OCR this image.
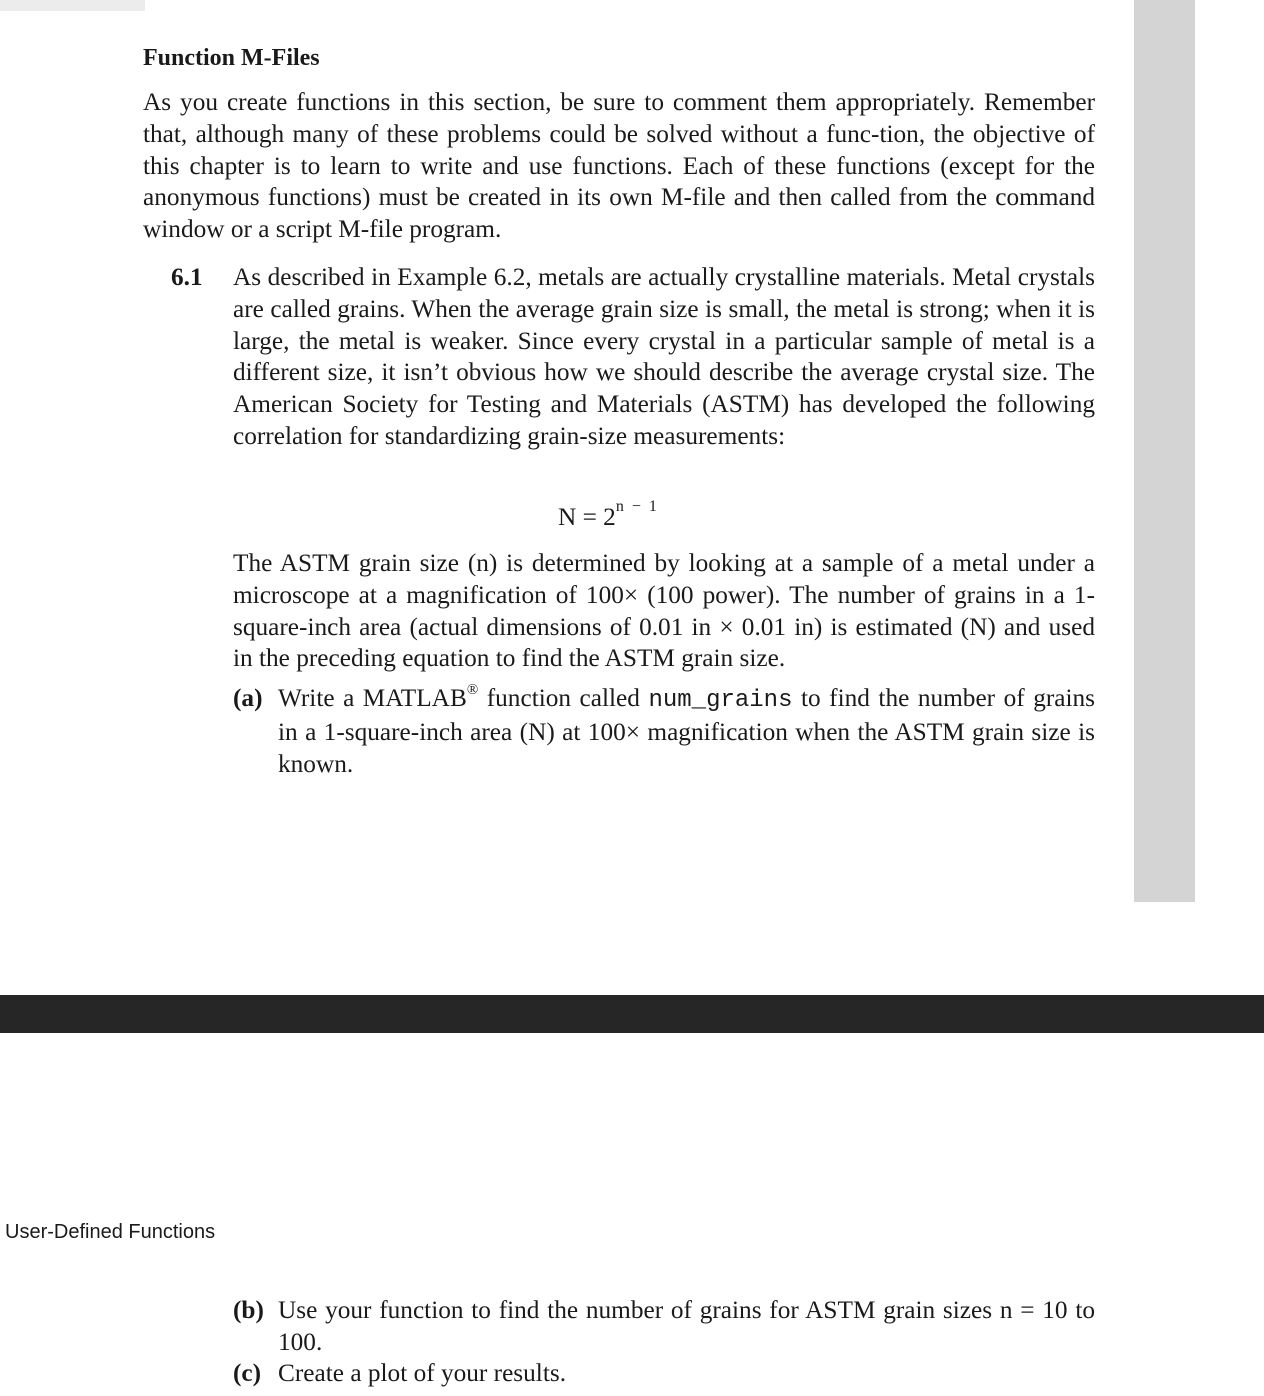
Function M-Files

As you create functions in this section, be sure to comment them appropriately. Remember that, although many of these problems could be solved without a func-tion, the objective of this chapter is to learn to write and use functions. Each of these functions (except for the anonymous functions) must be created in its own M-file and then called from the command window or a script M-file program.

6.1 As described in Example 6.2, metals are actually crystalline materials. Metal crystals are called grains. When the average grain size is small, the metal is strong; when it is large, the metal is weaker. Since every crystal in a particular sample of metal is a different size, it isn’t obvious how we should describe the average crystal size. The American Society for Testing and Materials (ASTM) has developed the following correlation for standardizing grain-size measurements:

$N = 2^{n - 1}$

The ASTM grain size (n) is determined by looking at a sample of a metal under a microscope at a magnification of 100× (100 power). The number of grains in a 1-square-inch area (actual dimensions of 0.01 in × 0.01 in) is estimated (N) and used in the preceding equation to find the ASTM grain size.

(a) Write a MATLAB® function called num_grains to find the number of grains in a 1-square-inch area (N) at 100× magnification when the ASTM grain size is known.

User-Defined Functions
(b) Use your function to find the number of grains for ASTM grain sizes n = 10 to 100.

(c) Create a plot of your results.
